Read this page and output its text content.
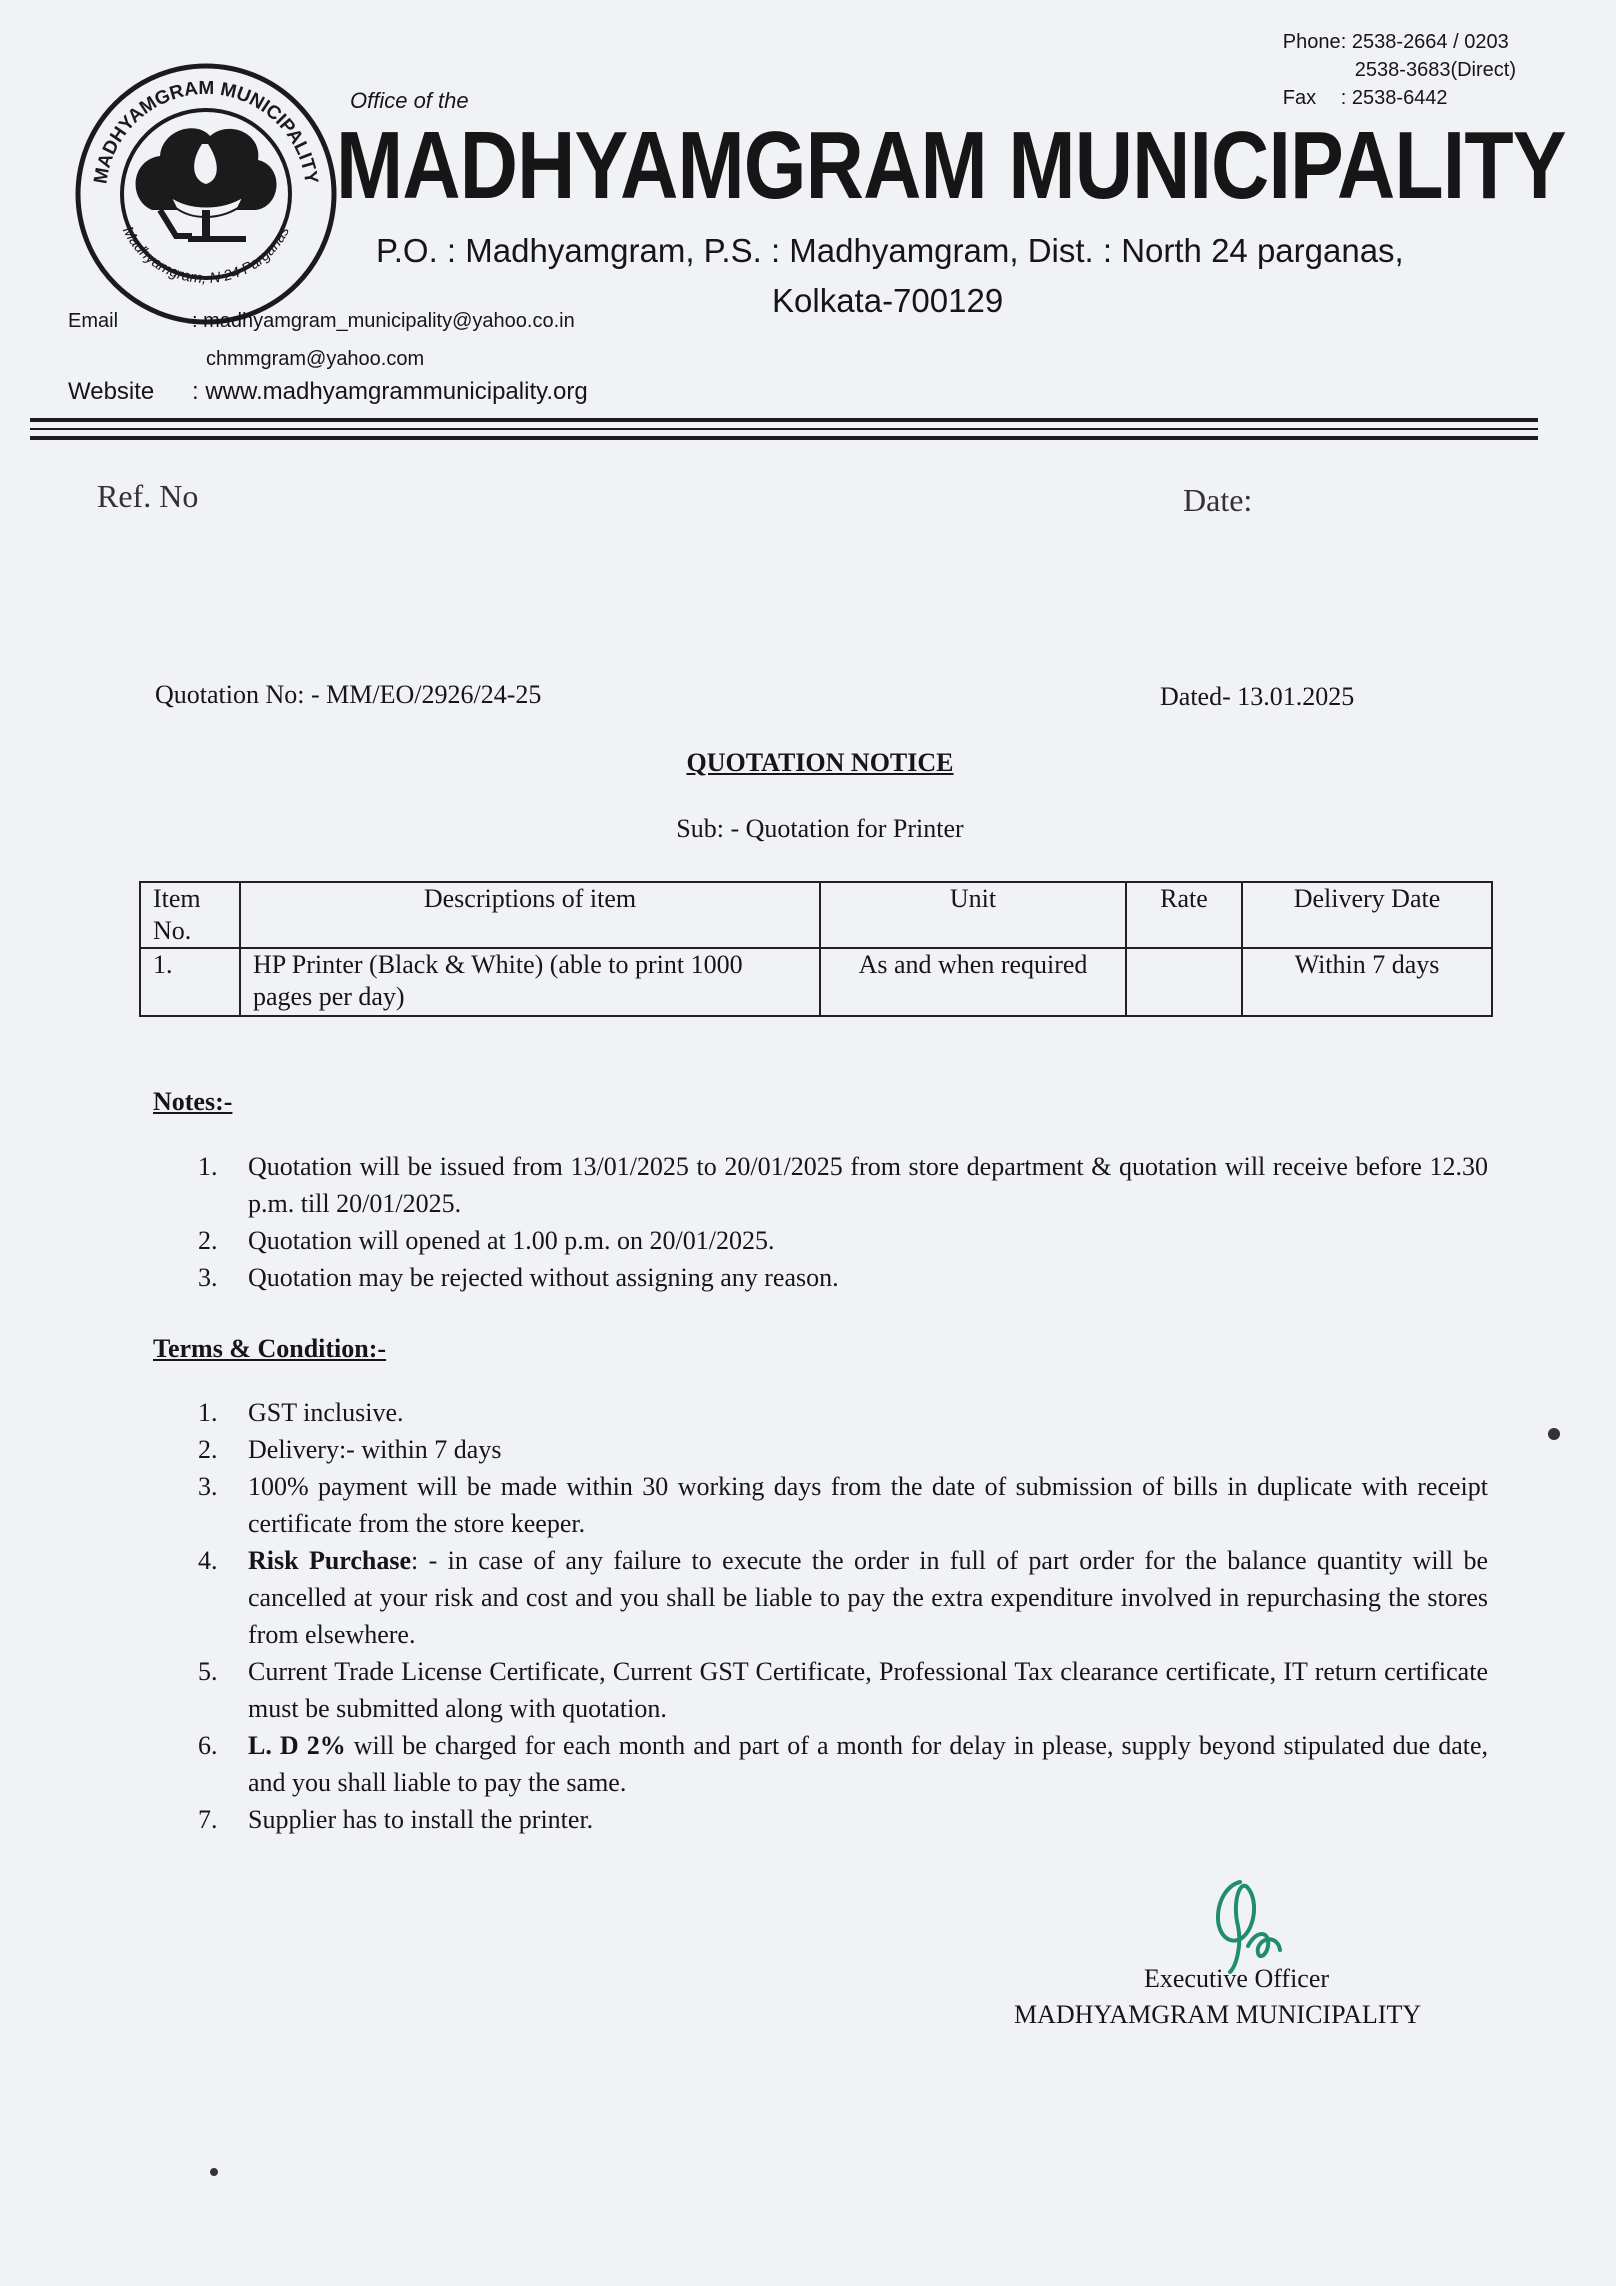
MADHYAMGRAM MUNICIPALITY
Madhyamgram, N 24 Parganas
Office of the
MADHYAMGRAM MUNICIPALITY
P.O. : Madhyamgram, P.S. : Madhyamgram, Dist. : North 24 parganas,
Kolkata-700129
Phone : 2538-2664 / 0203
2538-3683(Direct)
Fax	: 2538-6442
Email	: madhyamgram_municipality@yahoo.co.in
chmmgram@yahoo.com
Website : www.madhyamgrammunicipality.org
Ref. No	Date:
Quotation No: - MM/EO/2926/24-25	Dated- 13.01.2025
QUOTATION NOTICE
Sub: - Quotation for Printer
Item No.	Descriptions of item	Unit	Rate	Delivery Date
1.	HP Printer (Black & White) (able to print 1000 pages per day)	As and when required		Within 7 days
Notes:-
1. Quotation will be issued from 13/01/2025 to 20/01/2025 from store department & quotation will receive before 12.30 p.m. till 20/01/2025.
2. Quotation will opened at 1.00 p.m. on 20/01/2025.
3. Quotation may be rejected without assigning any reason.
Terms & Condition:-
1. GST inclusive.
2. Delivery:- within 7 days
3. 100% payment will be made within 30 working days from the date of submission of bills in duplicate with receipt certificate from the store keeper.
4. Risk Purchase: - in case of any failure to execute the order in full of part order for the balance quantity will be cancelled at your risk and cost and you shall be liable to pay the extra expenditure involved in repurchasing the stores from elsewhere.
5. Current Trade License Certificate, Current GST Certificate, Professional Tax clearance certificate, IT return certificate must be submitted along with quotation.
6. L. D 2% will be charged for each month and part of a month for delay in please, supply beyond stipulated due date, and you shall liable to pay the same.
7. Supplier has to install the printer.
Executive Officer
MADHYAMGRAM MUNICIPALITY
